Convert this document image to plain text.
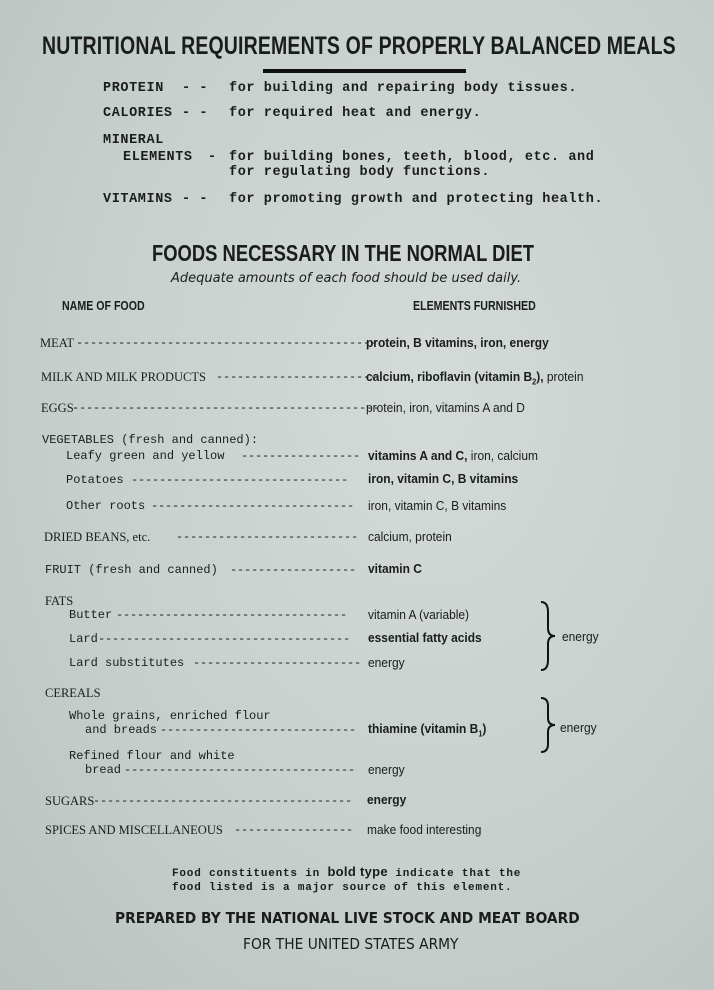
NUTRITIONAL REQUIREMENTS OF PROPERLY BALANCED MEALS
PROTEIN - - for building and repairing body tissues.
CALORIES - - for required heat and energy.
MINERAL
ELEMENTS - for building bones, teeth, blood, etc. and
for regulating body functions.
VITAMINS - - for promoting growth and protecting health.
FOODS NECESSARY IN THE NORMAL DIET
Adequate amounts of each food should be used daily.
NAME OF FOOD	ELEMENTS FURNISHED
MEAT -------------------------------------------
protein, B vitamins, iron, energy
MILK AND MILK PRODUCTS -----------------------
calcium, riboflavin (vitamin $B_2$), protein
EGGS
--------------------------------------------
protein, iron, vitamins A and D
VEGETABLES (fresh and canned):
Leafy green and yellow ----------------- vitamins A and C, iron, calcium
Potatoes ------------------------------- iron, vitamin C, B vitamins
Other roots ----------------------------- iron, vitamin C, B vitamins
DRIED BEANS, etc. -------------------------- calcium, protein
FRUIT (fresh and canned) ------------------ vitamin C
FATS
Butter --------------------------------- vitamin A (variable)
Lard ------------------------------------ essential fatty acids
Lard substitutes ------------------------ energy
energy
CEREALS
Whole grains, enriched flour
and breads ---------------------------- thiamine (vitamin $B_1$)	energy
Refined flour and white
bread --------------------------------- energy
SUGARS
------------------------------------- energy
SPICES AND MISCELLANEOUS ----------------- make food interesting
Food constituents in bold type indicate that the
food listed is a major source of this element.
PREPARED BY THE NATIONAL LIVE STOCK AND MEAT BOARD
FOR THE UNITED STATES ARMY
